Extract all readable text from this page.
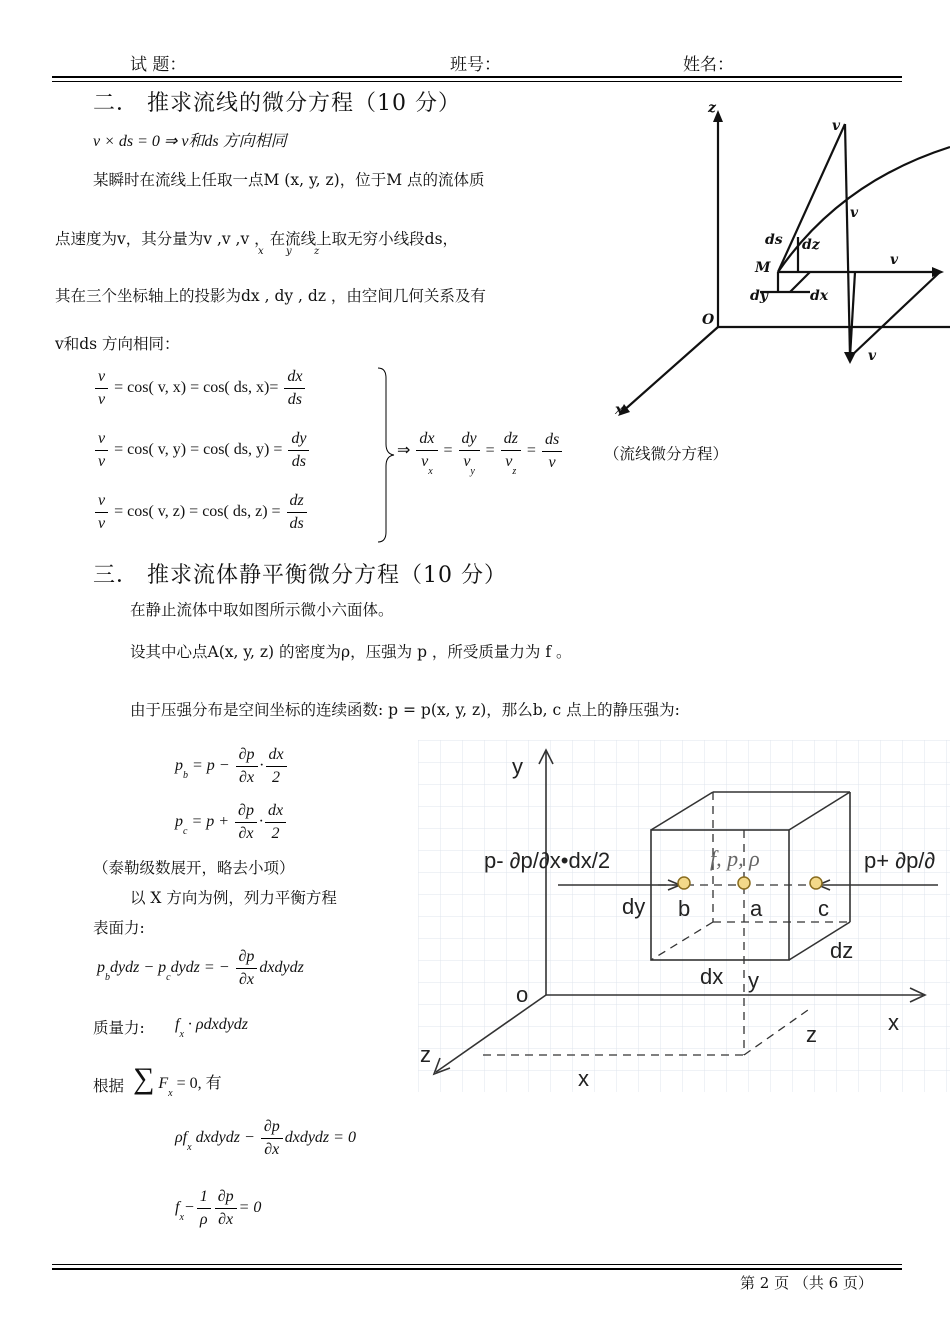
试 题：	班号：	姓名：
二． 推求流线的微分方程（10 分）
v × ds = 0 ⇒ v和ds 方向相同
某瞬时在流线上任取一点M (x, y, z)，位于M 点的流体质
点速度为v，其分量为v ,v ,v ，在流线上取无穷小线段ds，
x y z
其在三个坐标轴上的投影为dx , dy , dz ，由空间几何关系及有
v和ds 方向相同：
$\frac{v}{v} = \cos$( v, x) = cos( ds, $x)= \frac{dx}{ds}$
$\frac{v}{v} = \cos$( v, y) = cos( ds, $y) = \frac{dy}{ds}$
$\frac{v}{v} = \cos$( v, z) = cos( ds, $z) = \frac{dz}{ds}$
⇒ $\frac{dx}{v_x} = \frac{dy}{v_y} = \frac{dz}{v_z} = \frac{ds}{v}$	（流线微分方程）
z
v
v
ds dz
M	v
dy	dx
O
v
x
三． 推求流体静平衡微分方程（10 分）
在静止流体中取如图所示微小六面体。
设其中心点A(x, y, z) 的密度为ρ，压强为 p ，所受质量力为 f 。
由于压强分布是空间坐标的连续函数: p = p(x, y, z)，那么b, c 点上的静压强为:
$p_b = p - \frac{\partial p}{\partial x} \cdot \frac{dx}{2}$
$p_c = p + \frac{\partial p}{\partial x} \cdot \frac{dx}{2}$
（泰勒级数展开，略去小项）
以 X 方向为例，列力平衡方程
表面力:
$p_bdydz$ − $p_cdydz$ = − $\frac{\partial p}{\partial x}$ dxdydz
质量力: $f_x$ · ρdxdydz
根据 ∑ $F_x = 0$, 有
$\rho f_x$ dxdydz − $\frac{\partial p}{\partial x}$ dxdydz = 0
$f_x- \frac{1}{\rho} \frac{\partial p}{\partial x} = 0$
y
x
z
o
p- ∂p/∂x•dx/2	p+ ∂p/∂
f, p, ρ
b	a	c
dy
dz
dx y
z
x
第 2 页 （共 6 页）
